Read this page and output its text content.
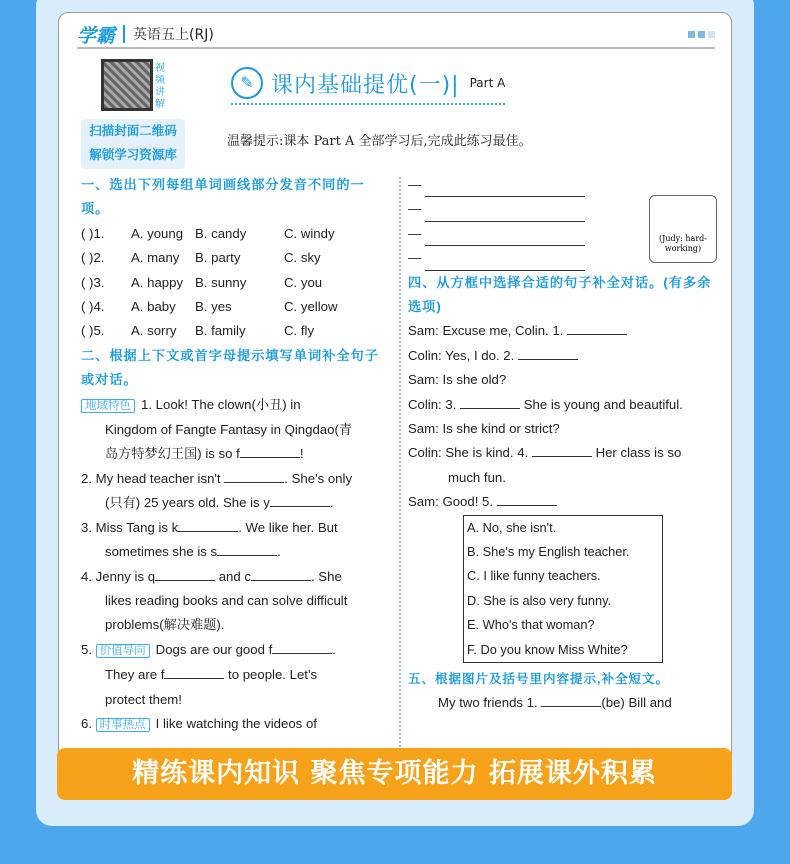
学霸 英语五上(RJ)
视频讲解
扫描封面二维码
解锁学习资源库
✎ 课内基础提优(一)| Part A
温馨提示:课本 Part A 全部学习后,完成此练习最佳。
一、选出下列每组单词画线部分发音不同的一项。
( )1.	A. young B. candy	C. windy
( )2.	A. many	B. party	C. sky
( )3.	A. happy B. sunny	C. you
( )4.	A. baby	B. yes	C. yellow
( )5.	A. sorry	B. family	C. fly
二、根据上下文或首字母提示填写单词补全句子或对话。
地域特色 1. Look! The clown(小丑) in
Kingdom of Fangte Fantasy in Qingdao(青
岛方特梦幻王国) is so f	!
2. My head teacher isn't	. She's only
(只有) 25 years old. She is y	.
3. Miss Tang is k	. We like her. But
sometimes she is s	.
4. Jenny is q	and c	. She
likes reading books and can solve difficult
problems(解决难题).
5. 价值导向 Dogs are our good f	.
They are f	to people. Let's
protect them!
6. 时事热点 I like watching the videos of
(Judy: hard-working)
—
—
—
—
四、从方框中选择合适的句子补全对话。(有多余选项)
Sam: Excuse me, Colin. 1.
Colin: Yes, I do. 2.
Sam: Is she old?
Colin: 3.	She is young and beautiful.
Sam: Is she kind or strict?
Colin: She is kind. 4.	Her class is so
much fun.
Sam: Good! 5.
A. No, she isn't.
B. She's my English teacher.
C. I like funny teachers.
D. She is also very funny.
E. Who's that woman?
F. Do you know Miss White?
五、根据图片及括号里内容提示,补全短文。
My two friends 1.	(be) Bill and
精练课内知识 聚焦专项能力 拓展课外积累
